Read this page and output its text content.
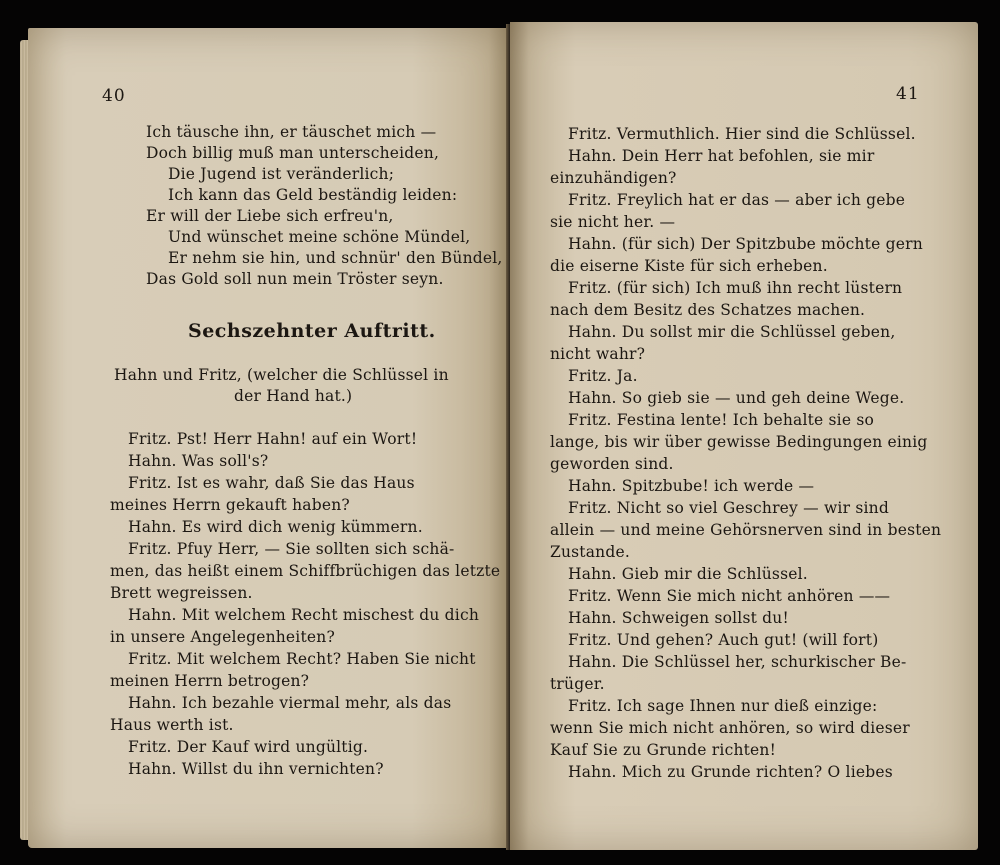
40
Ich täusche ihn, er täuschet mich —
Doch billig muß man unterscheiden,
Die Jugend ist veränderlich;
Ich kann das Geld beständig leiden:
Er will der Liebe sich erfreu'n,
Und wünschet meine schöne Mündel,
Er nehm sie hin, und schnür' den Bündel,
Das Gold soll nun mein Tröster seyn.
Sechszehnter Auftritt.
Hahn und Fritz, (welcher die Schlüssel in
der Hand hat.)
Fritz. Pst! Herr Hahn! auf ein Wort!
Hahn. Was soll's?
Fritz. Ist es wahr, daß Sie das Haus
meines Herrn gekauft haben?
Hahn. Es wird dich wenig kümmern.
Fritz. Pfuy Herr, — Sie sollten sich schä-
men, das heißt einem Schiffbrüchigen das letzte
Brett wegreissen.
Hahn. Mit welchem Recht mischest du dich
in unsere Angelegenheiten?
Fritz. Mit welchem Recht? Haben Sie nicht
meinen Herrn betrogen?
Hahn. Ich bezahle viermal mehr, als das
Haus werth ist.
Fritz. Der Kauf wird ungültig.
Hahn. Willst du ihn vernichten?
41
Fritz. Vermuthlich. Hier sind die Schlüssel.
Hahn. Dein Herr hat befohlen, sie mir
einzuhändigen?
Fritz. Freylich hat er das — aber ich gebe
sie nicht her. —
Hahn. (für sich) Der Spitzbube möchte gern
die eiserne Kiste für sich erheben.
Fritz. (für sich) Ich muß ihn recht lüstern
nach dem Besitz des Schatzes machen.
Hahn. Du sollst mir die Schlüssel geben,
nicht wahr?
Fritz. Ja.
Hahn. So gieb sie — und geh deine Wege.
Fritz. Festina lente! Ich behalte sie so
lange, bis wir über gewisse Bedingungen einig
geworden sind.
Hahn. Spitzbube! ich werde —
Fritz. Nicht so viel Geschrey — wir sind
allein — und meine Gehörsnerven sind in besten
Zustande.
Hahn. Gieb mir die Schlüssel.
Fritz. Wenn Sie mich nicht anhören ——
Hahn. Schweigen sollst du!
Fritz. Und gehen? Auch gut! (will fort)
Hahn. Die Schlüssel her, schurkischer Be-
trüger.
Fritz. Ich sage Ihnen nur dieß einzige:
wenn Sie mich nicht anhören, so wird dieser
Kauf Sie zu Grunde richten!
Hahn. Mich zu Grunde richten? O liebes
